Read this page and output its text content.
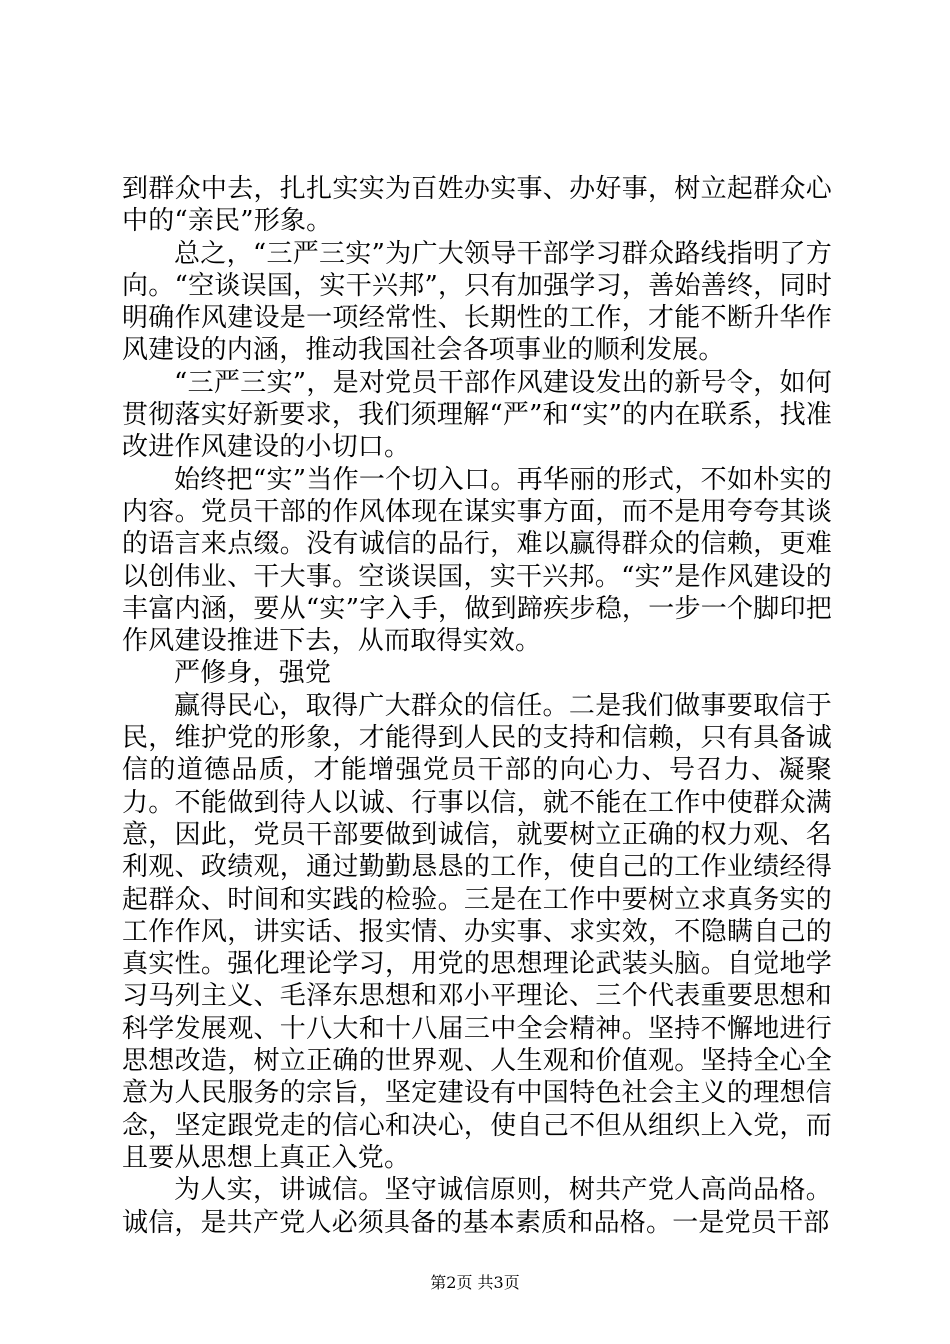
到群众中去，扎扎实实为百姓办实事、办好事，树立起群众心中的“亲民”形象。

总之，“三严三实”为广大领导干部学习群众路线指明了方向。“空谈误国，实干兴邦”，只有加强学习，善始善终，同时明确作风建设是一项经常性、长期性的工作，才能不断升华作风建设的内涵，推动我国社会各项事业的顺利发展。

“三严三实”，是对党员干部作风建设发出的新号令，如何贯彻落实好新要求，我们须理解“严”和“实”的内在联系，找准改进作风建设的小切口。

始终把“实”当作一个切入口。再华丽的形式，不如朴实的内容。党员干部的作风体现在谋实事方面，而不是用夸夸其谈的语言来点缀。没有诚信的品行，难以赢得群众的信赖，更难以创伟业、干大事。空谈误国，实干兴邦。“实”是作风建设的丰富内涵，要从“实”字入手，做到蹄疾步稳，一步一个脚印把作风建设推进下去，从而取得实效。

严修身，强党

赢得民心，取得广大群众的信任。二是我们做事要取信于民，维护党的形象，才能得到人民的支持和信赖，只有具备诚信的道德品质，才能增强党员干部的向心力、号召力、凝聚力。不能做到待人以诚、行事以信，就不能在工作中使群众满意，因此，党员干部要做到诚信，就要树立正确的权力观、名利观、政绩观，通过勤勤恳恳的工作，使自己的工作业绩经得起群众、时间和实践的检验。三是在工作中要树立求真务实的工作作风，讲实话、报实情、办实事、求实效，不隐瞒自己的真实性。强化理论学习，用党的思想理论武装头脑。自觉地学习马列主义、毛泽东思想和邓小平理论、三个代表重要思想和科学发展观、十八大和十八届三中全会精神。坚持不懈地进行思想改造，树立正确的世界观、人生观和价值观。坚持全心全意为人民服务的宗旨，坚定建设有中国特色社会主义的理想信念，坚定跟党走的信心和决心，使自己不但从组织上入党，而且要从思想上真正入党。

为人实，讲诚信。坚守诚信原则，树共产党人高尚品格。诚信，是共产党人必须具备的基本素质和品格。一是党员干部

第2页 共3页
